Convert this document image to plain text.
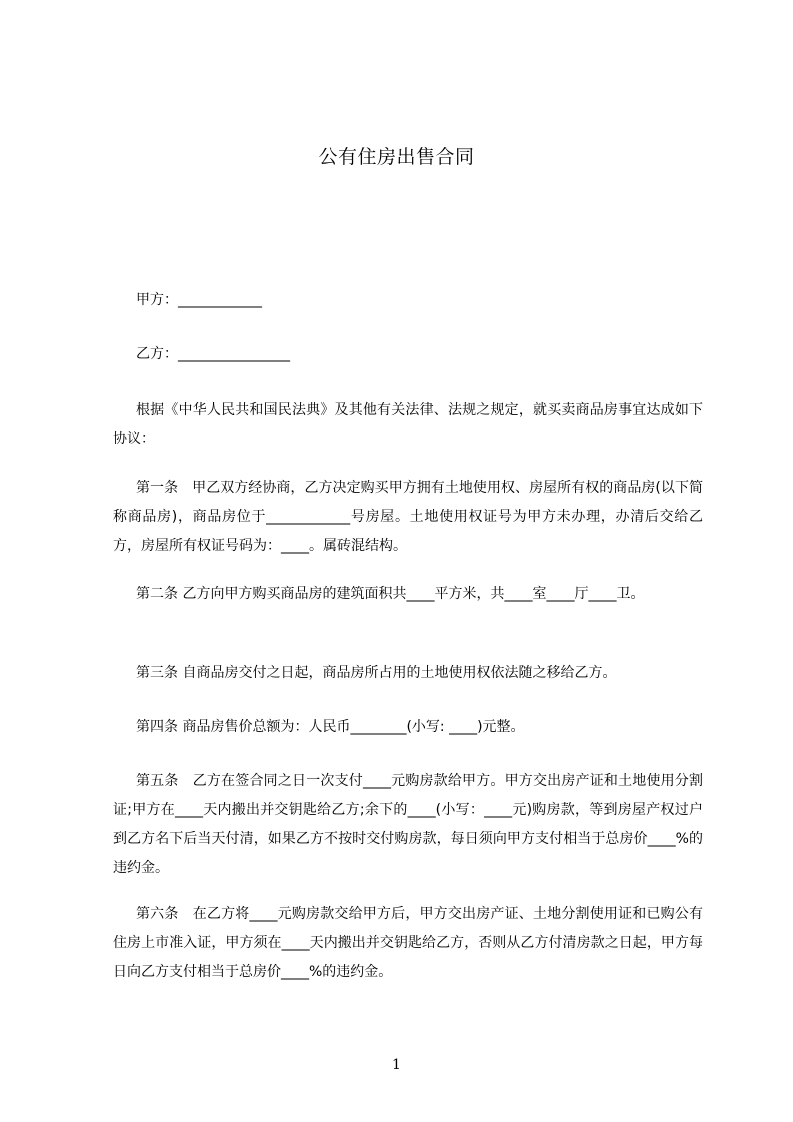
公有住房出售合同

甲方：____________

乙方：________________

根据《中华人民共和国民法典》及其他有关法律、法规之规定，就买卖商品房事宜达成如下协议：

第一条　甲乙双方经协商，乙方决定购买甲方拥有土地使用权、房屋所有权的商品房(以下简称商品房)，商品房位于____________号房屋。土地使用权证号为甲方未办理，办清后交给乙方，房屋所有权证号码为：____。属砖混结构。

第二条 乙方向甲方购买商品房的建筑面积共____平方米，共____室____厅____卫。

第三条 自商品房交付之日起，商品房所占用的土地使用权依法随之移给乙方。

第四条 商品房售价总额为：人民币________(小写: ____)元整。

第五条　乙方在签合同之日一次支付____元购房款给甲方。甲方交出房产证和土地使用分割证;甲方在____天内搬出并交钥匙给乙方;余下的____(小写：____元)购房款，等到房屋产权过户到乙方名下后当天付清，如果乙方不按时交付购房款，每日须向甲方支付相当于总房价____%的违约金。

第六条　在乙方将____元购房款交给甲方后，甲方交出房产证、土地分割使用证和已购公有住房上市准入证，甲方须在____天内搬出并交钥匙给乙方，否则从乙方付清房款之日起，甲方每日向乙方支付相当于总房价____%的违约金。

1
